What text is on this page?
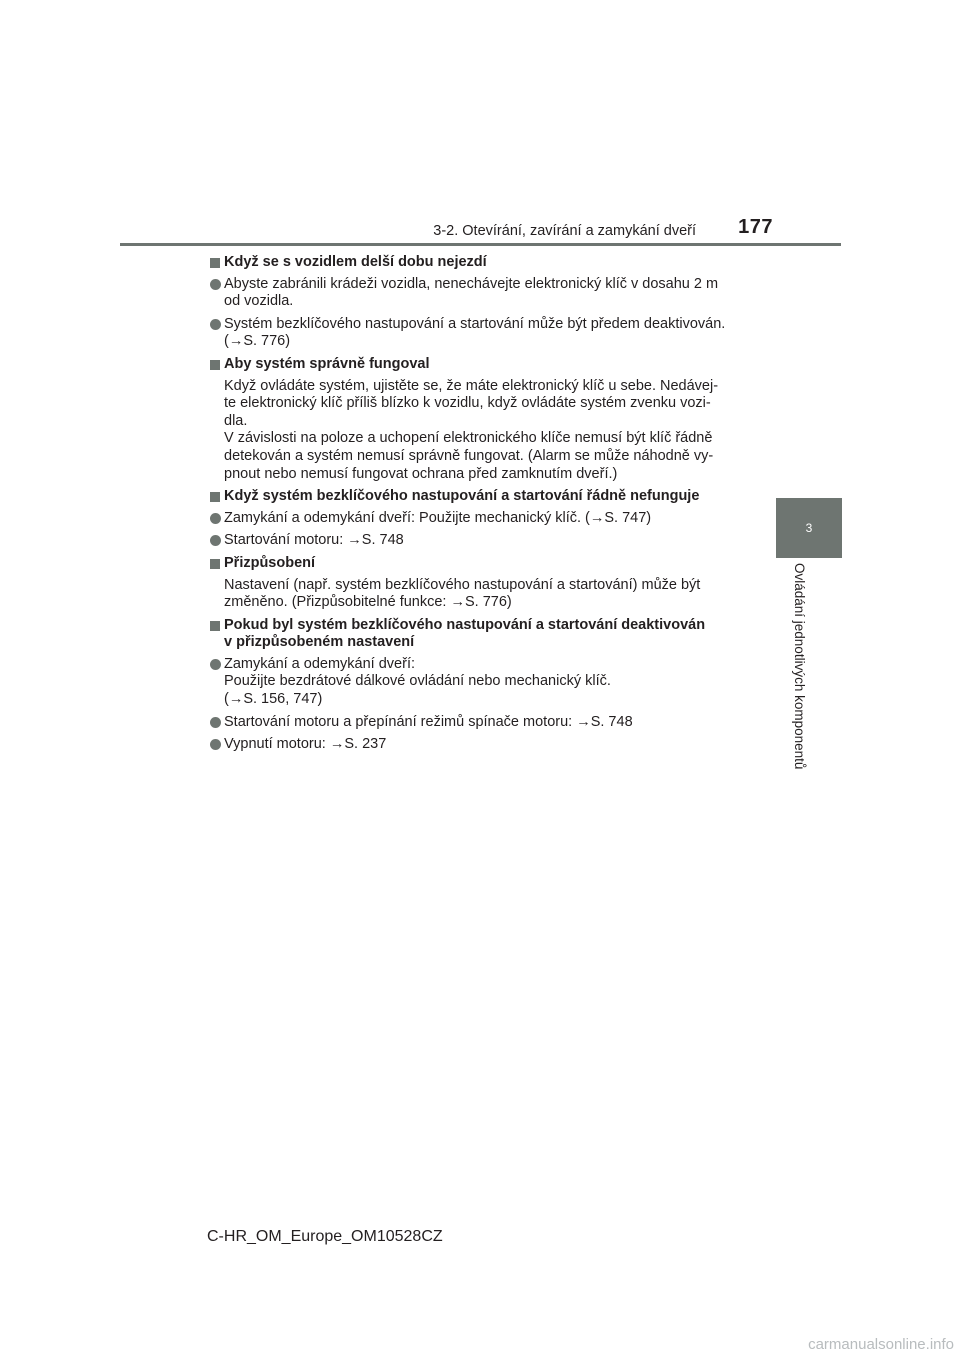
3-2. Otevírání, zavírání a zamykání dveří 177
3
Ovládání jednotlivých komponentů
Když se s vozidlem delší dobu nejezdí
Abyste zabránili krádeži vozidla, nenechávejte elektronický klíč v dosahu 2 m
od vozidla.
Systém bezklíčového nastupování a startování může být předem deaktivován.
(→S. 776)
Aby systém správně fungoval
Když ovládáte systém, ujistěte se, že máte elektronický klíč u sebe. Nedávej-
te elektronický klíč příliš blízko k vozidlu, když ovládáte systém zvenku vozi-
dla.
V závislosti na poloze a uchopení elektronického klíče nemusí být klíč řádně
detekován a systém nemusí správně fungovat. (Alarm se může náhodně vy-
pnout nebo nemusí fungovat ochrana před zamknutím dveří.)
Když systém bezklíčového nastupování a startování řádně nefunguje
Zamykání a odemykání dveří: Použijte mechanický klíč. (→S. 747)
Startování motoru: →S. 748
Přizpůsobení
Nastavení (např. systém bezklíčového nastupování a startování) může být
změněno. (Přizpůsobitelné funkce: →S. 776)
Pokud byl systém bezklíčového nastupování a startování deaktivován
v přizpůsobeném nastavení
Zamykání a odemykání dveří:
Použijte bezdrátové dálkové ovládání nebo mechanický klíč.
(→S. 156, 747)
Startování motoru a přepínání režimů spínače motoru: →S. 748
Vypnutí motoru: →S. 237
C-HR_OM_Europe_OM10528CZ
carmanualsonline.info
